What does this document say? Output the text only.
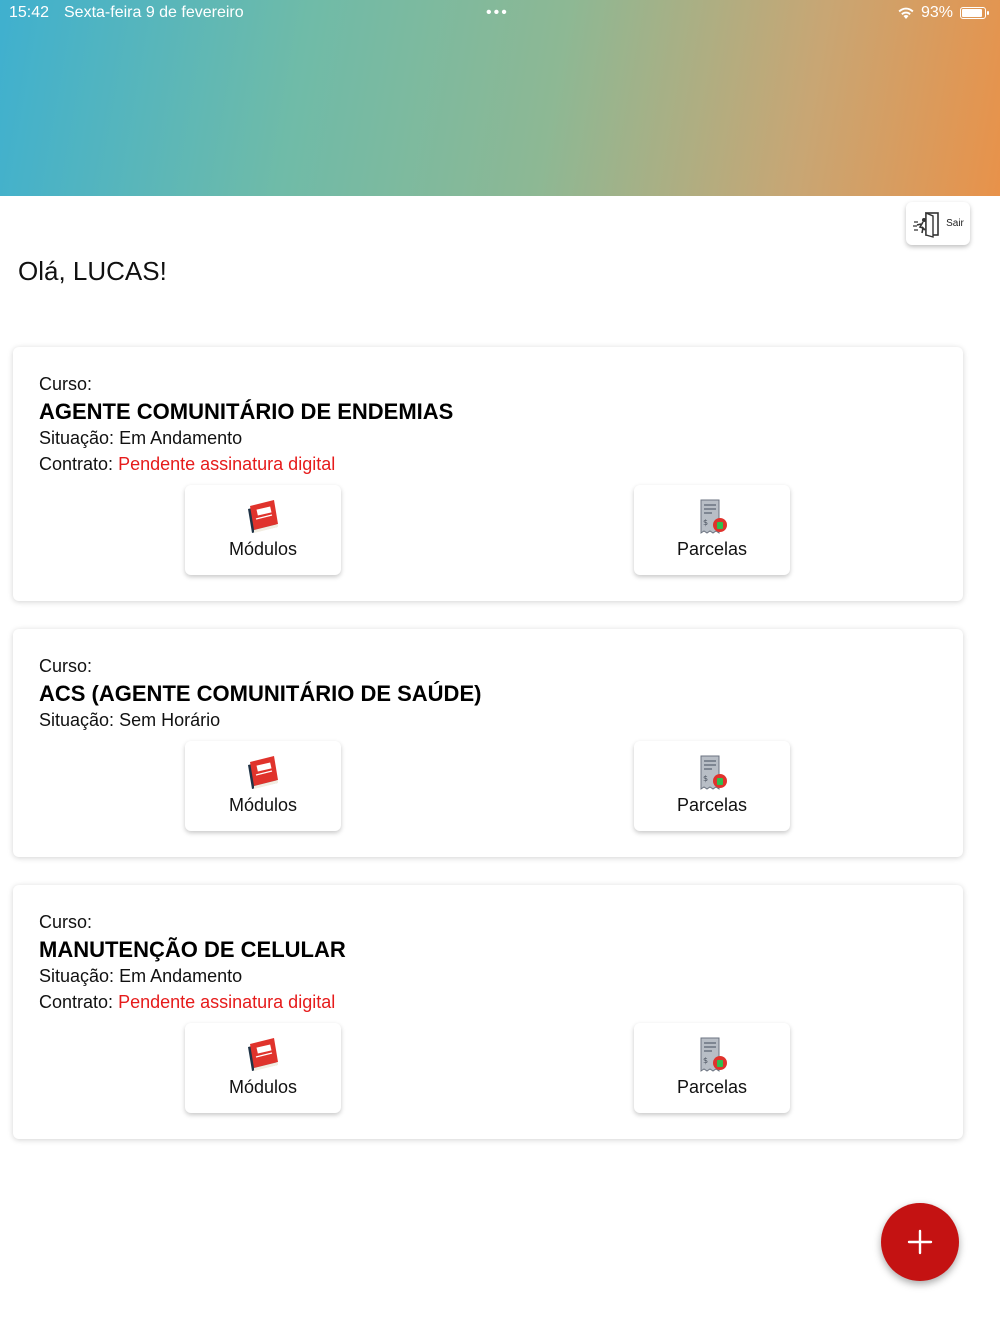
15:42 Sexta-feira 9 de fevereiro	•••	93%
Sair
Olá, LUCAS!
Curso:
AGENTE COMUNITÁRIO DE ENDEMIAS
Situação: Em Andamento
Contrato: Pendente assinatura digital
Módulos
$
Parcelas
Curso:
ACS (AGENTE COMUNITÁRIO DE SAÚDE)
Situação: Sem Horário
Módulos
$
Parcelas
Curso:
MANUTENÇÃO DE CELULAR
Situação: Em Andamento
Contrato: Pendente assinatura digital
Módulos
$
Parcelas
